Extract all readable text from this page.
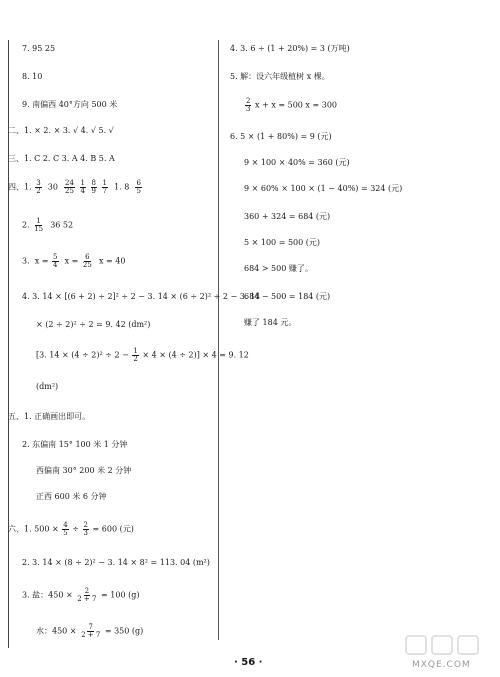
7. 95 25
8. 10
9. 南偏西 40°方向 500 米
二、1. × 2. × 3. √ 4. √ 5. √
三、1. C 2. C 3. A 4. B 5. A
四、1. $\frac{3}{2} 30 \frac{24}{25}$
$\frac{1}{4}$
$\frac{8}{9}$
$\frac{1}{7} 1$. $8 \frac{6}{5}$
2. $\frac{1}{15} 36$ 52
3. $x = \frac{5}{4}$ $x = \frac{6}{25}$ x = 40
4. 3. 14 × [(6 + 2) ÷ 2]² ÷ 2 − 3. 14 × (6 ÷ 2)² ÷ 2 − 3. 14
× (2 ÷ 2)² ÷ 2 = 9. 42 (dm²)
[3. $14 \times (4 \div 2)^2 \div 2 - \frac{1}{2} \times 4 \times (4 \div 2)] \times 4 = 9$. 12
(dm²)
五、1. 正确画出即可。
2. 东偏南 15° 100 米 1 分钟
西偏南 30° 200 米 2 分钟
正西 600 米 6 分钟
六、1. $500 \times \frac{4}{5} \div \frac{2}{3} = 600$ (元)
2. 3. 14 × (8 ÷ 2)² − 3. 14 × 8² = 113. 04 (m²)
3. 盐：$450 \times \frac{2}{2 + 7} = 100$ (g)
水：$450 \times \frac{7}{2 + 7} = 350$ (g)
4. 3. 6 ÷ (1 + 20%) = 3 (万吨)
5. 解：设六年级植树 x 棵。
$\frac{2}{3}$ x + x = 500 x = 300
6. 5 × (1 + 80%) = 9 (元)
9 × 100 × 40% = 360 (元)
9 × 60% × 100 × (1 − 40%) = 324 (元)
360 + 324 = 684 (元)
5 × 100 = 500 (元)
684 > 500 赚了。
684 − 500 = 184 (元)
赚了 184 元。
· 56 ·	MXQE.COM
